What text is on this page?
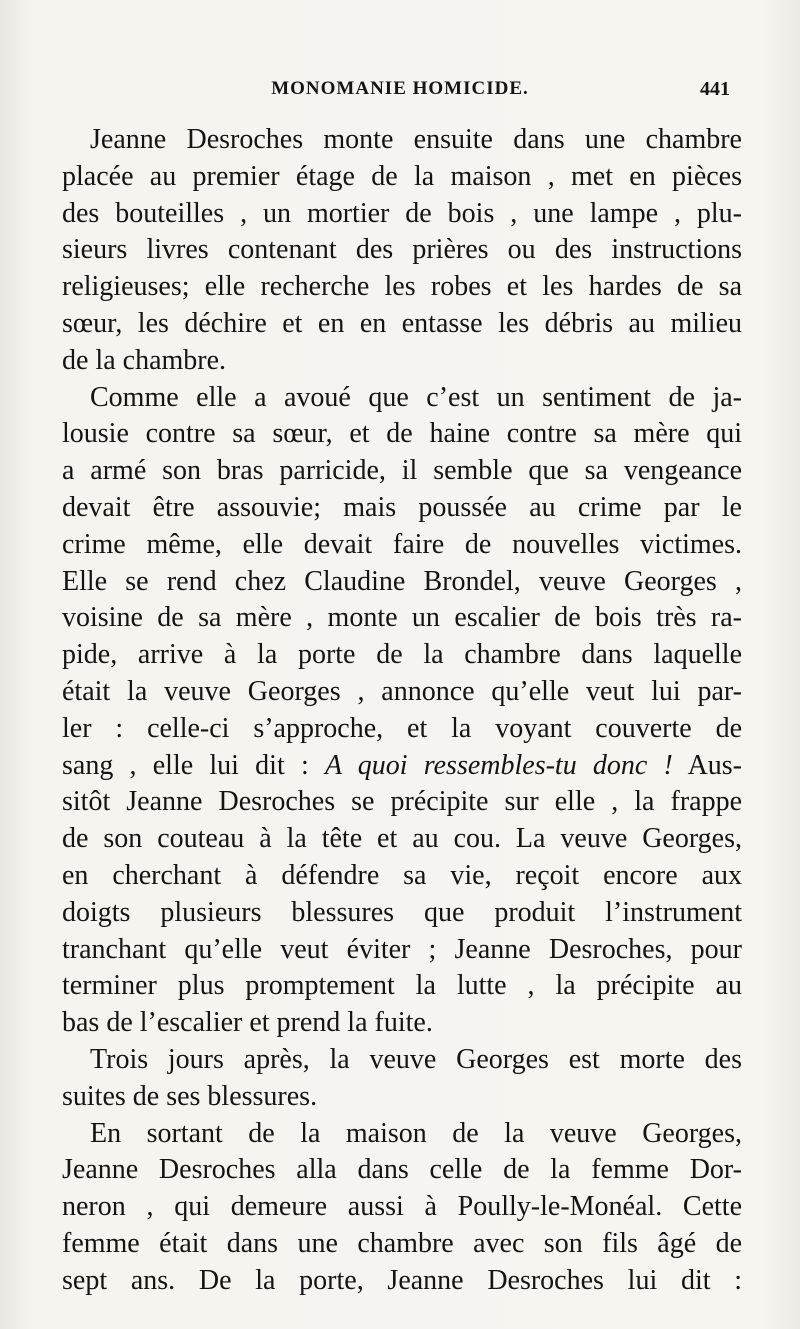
MONOMANIE HOMICIDE.	441
Jeanne Desroches monte ensuite dans une chambre
placée au premier étage de la maison , met en pièces
des bouteilles , un mortier de bois , une lampe , plu-
sieurs livres contenant des prières ou des instructions
religieuses; elle recherche les robes et les hardes de sa
sœur, les déchire et en en entasse les débris au milieu
de la chambre.
Comme elle a avoué que c’est un sentiment de ja-
lousie contre sa sœur, et de haine contre sa mère qui
a armé son bras parricide, il semble que sa vengeance
devait être assouvie; mais poussée au crime par le
crime même, elle devait faire de nouvelles victimes.
Elle se rend chez Claudine Brondel, veuve Georges ,
voisine de sa mère , monte un escalier de bois très ra-
pide, arrive à la porte de la chambre dans laquelle
était la veuve Georges , annonce qu’elle veut lui par-
ler : celle-ci s’approche, et la voyant couverte de
sang , elle lui dit : A quoi ressembles-tu donc ! Aus-
sitôt Jeanne Desroches se précipite sur elle , la frappe
de son couteau à la tête et au cou. La veuve Georges,
en cherchant à défendre sa vie, reçoit encore aux
doigts plusieurs blessures que produit l’instrument
tranchant qu’elle veut éviter ; Jeanne Desroches, pour
terminer plus promptement la lutte , la précipite au
bas de l’escalier et prend la fuite.
Trois jours après, la veuve Georges est morte des
suites de ses blessures.
En sortant de la maison de la veuve Georges,
Jeanne Desroches alla dans celle de la femme Dor-
neron , qui demeure aussi à Poully-le-Monéal. Cette
femme était dans une chambre avec son fils âgé de
sept ans. De la porte, Jeanne Desroches lui dit :
